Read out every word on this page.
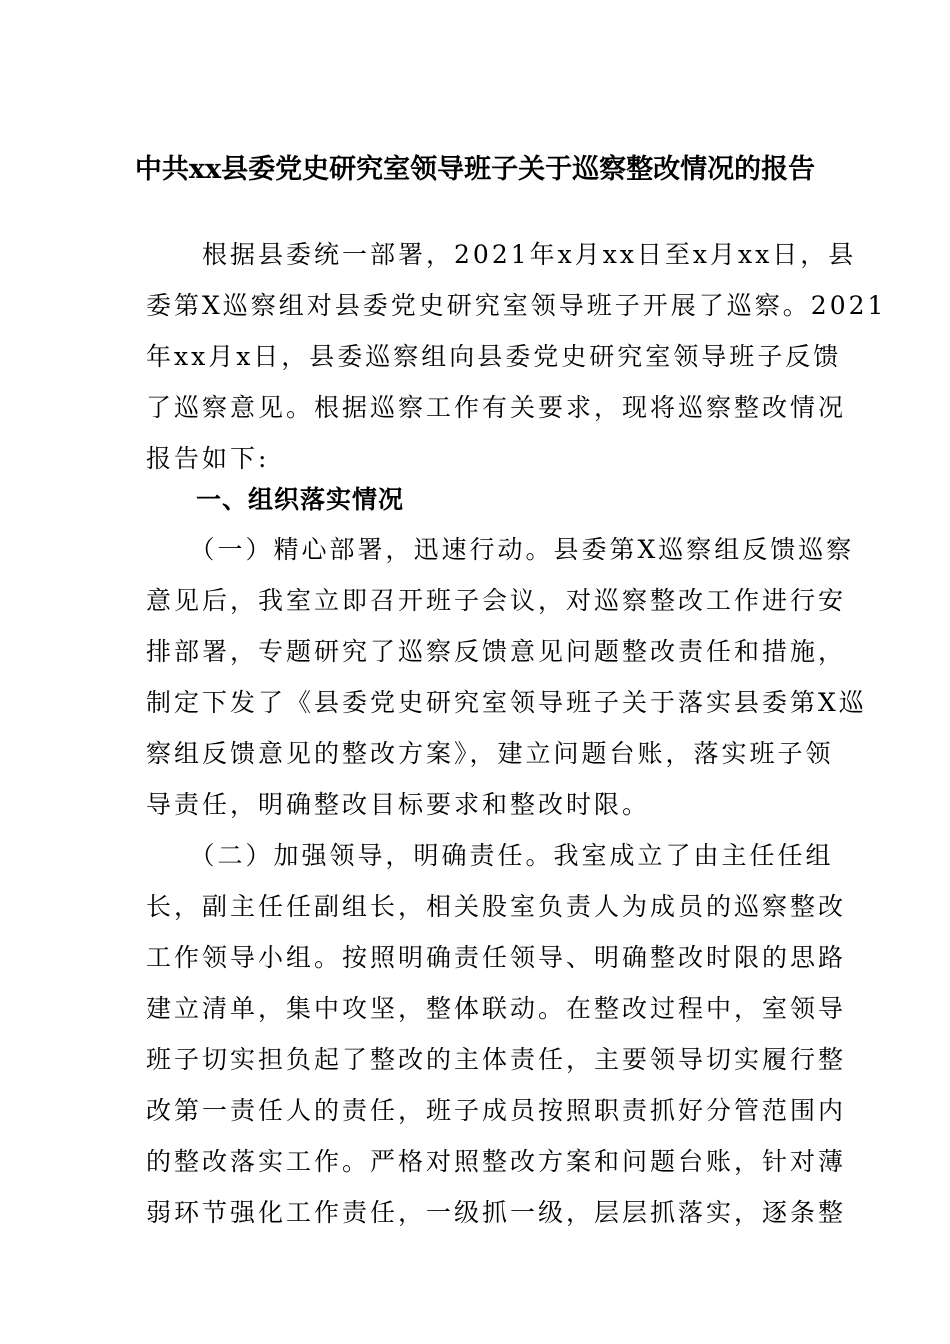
中共xx县委党史研究室领导班子关于巡察整改情况的报告
　　根据县委统一部署，2021年x月xx日至x月xx日，县
委第X巡察组对县委党史研究室领导班子开展了巡察。2021
年xx月x日，县委巡察组向县委党史研究室领导班子反馈
了巡察意见。根据巡察工作有关要求，现将巡察整改情况
报告如下:
一、组织落实情况
　　（一）精心部署，迅速行动。县委第X巡察组反馈巡察
意见后，我室立即召开班子会议，对巡察整改工作进行安
排部署，专题研究了巡察反馈意见问题整改责任和措施，
制定下发了《县委党史研究室领导班子关于落实县委第X巡
察组反馈意见的整改方案》，建立问题台账，落实班子领
导责任，明确整改目标要求和整改时限。
　　（二）加强领导，明确责任。我室成立了由主任任组
长，副主任任副组长，相关股室负责人为成员的巡察整改
工作领导小组。按照明确责任领导、明确整改时限的思路
建立清单，集中攻坚，整体联动。在整改过程中，室领导
班子切实担负起了整改的主体责任，主要领导切实履行整
改第一责任人的责任，班子成员按照职责抓好分管范围内
的整改落实工作。严格对照整改方案和问题台账，针对薄
弱环节强化工作责任，一级抓一级，层层抓落实，逐条整
